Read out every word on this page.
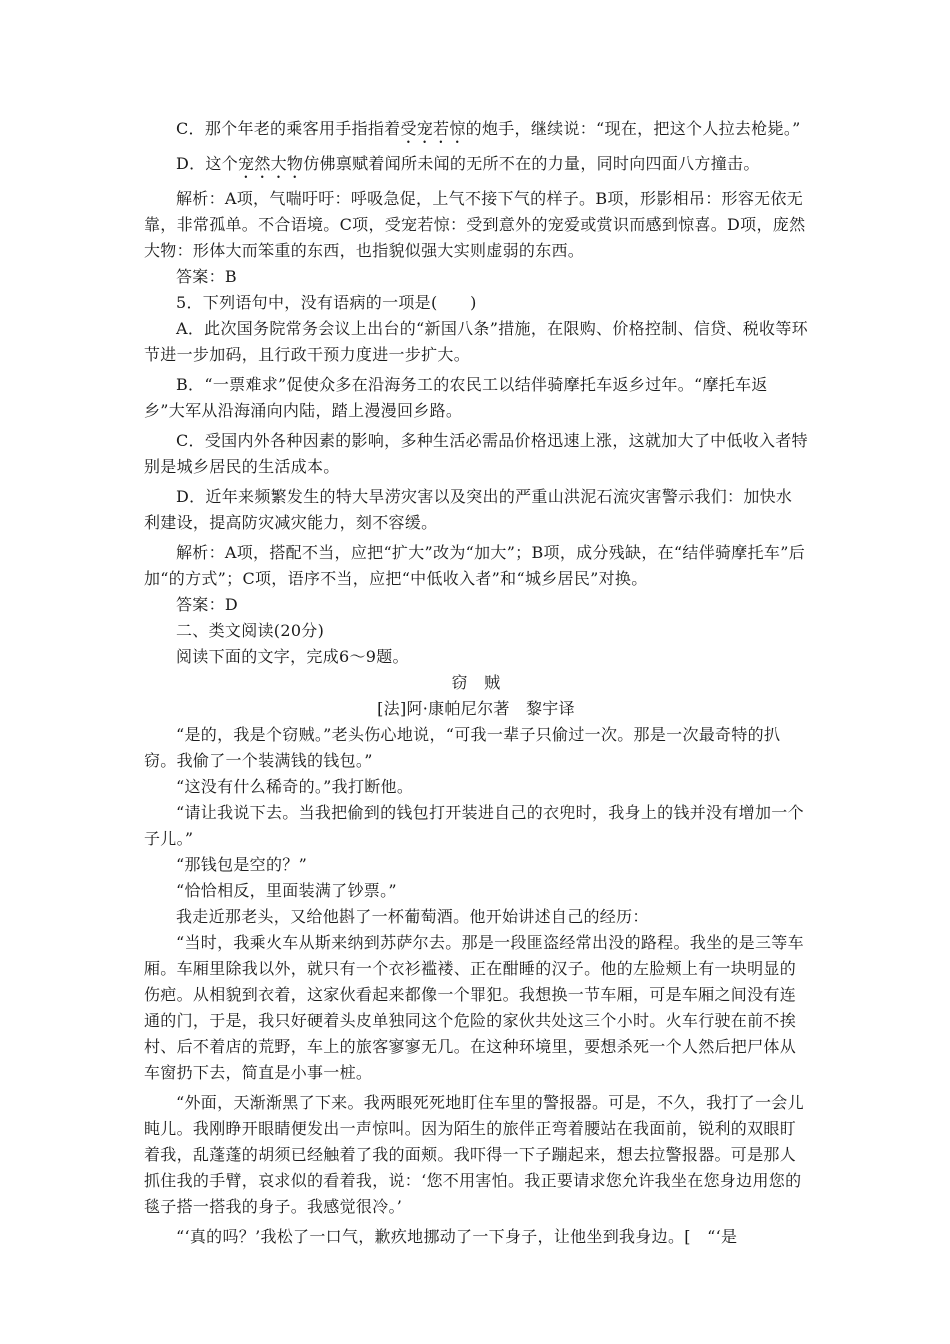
C．那个年老的乘客用手指指着受宠若惊的炮手，继续说：“现在，把这个人拉去枪毙。”

D．这个宠然大物仿佛禀赋着闻所未闻的无所不在的力量，同时向四面八方撞击。

解析：A项，气喘吁吁：呼吸急促，上气不接下气的样子。B项，形影相吊：形容无依无靠，非常孤单。不合语境。C项，受宠若惊：受到意外的宠爱或赏识而感到惊喜。D项，庞然大物：形体大而笨重的东西，也指貌似强大实则虚弱的东西。

答案：B

5．下列语句中，没有语病的一项是(　　)

A．此次国务院常务会议上出台的“新国八条”措施，在限购、价格控制、信贷、税收等环节进一步加码，且行政干预力度进一步扩大。

B．“一票难求”促使众多在沿海务工的农民工以结伴骑摩托车返乡过年。“摩托车返乡”大军从沿海涌向内陆，踏上漫漫回乡路。

C．受国内外各种因素的影响，多种生活必需品价格迅速上涨，这就加大了中低收入者特别是城乡居民的生活成本。

D．近年来频繁发生的特大旱涝灾害以及突出的严重山洪泥石流灾害警示我们：加快水利建设，提高防灾减灾能力，刻不容缓。

解析：A项，搭配不当，应把“扩大”改为“加大”；B项，成分残缺，在“结伴骑摩托车”后加“的方式”；C项，语序不当，应把“中低收入者”和“城乡居民”对换。

答案：D

二、类文阅读(20分)

阅读下面的文字，完成6～9题。

窃　贼

[法]阿·康帕尼尔著　黎宇译

“是的，我是个窃贼。”老头伤心地说，“可我一辈子只偷过一次。那是一次最奇特的扒窃。我偷了一个装满钱的钱包。”

“这没有什么稀奇的。”我打断他。

“请让我说下去。当我把偷到的钱包打开装进自己的衣兜时，我身上的钱并没有增加一个子儿。”

“那钱包是空的？”

“恰恰相反，里面装满了钞票。”

我走近那老头，又给他斟了一杯葡萄酒。他开始讲述自己的经历：

“当时，我乘火车从斯来纳到苏萨尔去。那是一段匪盗经常出没的路程。我坐的是三等车厢。车厢里除我以外，就只有一个衣衫褴褛、正在酣睡的汉子。他的左脸颊上有一块明显的伤疤。从相貌到衣着，这家伙看起来都像一个罪犯。我想换一节车厢，可是车厢之间没有连通的门，于是，我只好硬着头皮单独同这个危险的家伙共处这三个小时。火车行驶在前不挨村、后不着店的荒野，车上的旅客寥寥无几。在这种环境里，要想杀死一个人然后把尸体从车窗扔下去，简直是小事一桩。

“外面，天渐渐黑了下来。我两眼死死地盯住车里的警报器。可是，不久，我打了一会儿盹儿。我刚睁开眼睛便发出一声惊叫。因为陌生的旅伴正弯着腰站在我面前，锐利的双眼盯着我，乱蓬蓬的胡须已经触着了我的面颊。我吓得一下子蹦起来，想去拉警报器。可是那人抓住我的手臂，哀求似的看着我，说：‘您不用害怕。我正要请求您允许我坐在您身边用您的毯子搭一搭我的身子。我感觉很冷。’

“‘真的吗？’我松了一口气，歉疚地挪动了一下身子，让他坐到我身边。[　“‘是
